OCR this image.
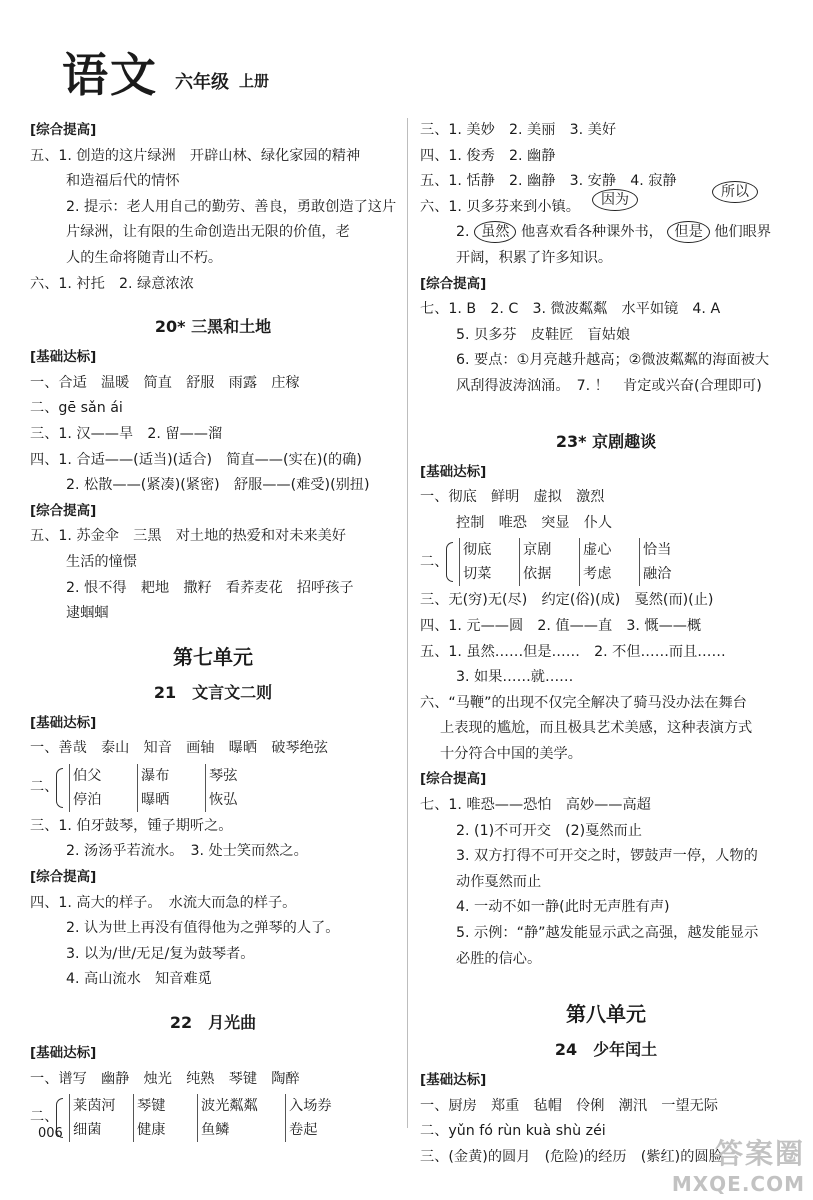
语文 六年级 上册
[综合提高]
五、1. 创造的这片绿洲　开辟山林、绿化家园的精神
和造福后代的情怀
2. 提示：老人用自己的勤劳、善良，勇敢创造了这片
片绿洲，让有限的生命创造出无限的价值，老
人的生命将随青山不朽。
六、1. 衬托　2. 绿意浓浓
20* 三黑和土地
[基础达标]
一、合适　温暖　简直　舒服　雨露　庄稼
二、gē sǎn ái
三、1. 汉——旱　2. 留——溜
四、1. 合适——(适当)(适合)　简直——(实在)(的确)
2. 松散——(紧凑)(紧密)　舒服——(难受)(别扭)
[综合提高]
五、1. 苏金伞　三黑　对土地的热爱和对未来美好
生活的憧憬
2. 恨不得　耙地　撒籽　看荞麦花　招呼孩子
逮蝈蝈
第七单元
21　文言文二则
[基础达标]
一、善哉　泰山　知音　画轴　曝晒　破琴绝弦
二、
伯父	瀑布	琴弦
停泊	曝晒	恢弘
三、1. 伯牙鼓琴，锺子期听之。
2. 汤汤乎若流水。　3. 处士笑而然之。
[综合提高]
四、1. 高大的样子。　水流大而急的样子。
2. 认为世上再没有值得他为之弹琴的人了。
3. 以为/世/无足/复为鼓琴者。
4. 高山流水　知音难觅
22　月光曲
[基础达标]
一、谱写　幽静　烛光　纯熟　琴键　陶醉
二、
莱茵河	琴键	波光粼粼	入场券
细菌	健康	鱼鳞	卷起
三、1. 美妙　2. 美丽　3. 美好
四、1. 俊秀　2. 幽静
五、1. 恬静　2. 幽静　3. 安静　4. 寂静
六、1. 贝多芬来到小镇。	因为	所以
2. 虽然 他喜欢看各种课外书， 但是 他们眼界
开阔，积累了许多知识。
[综合提高]
七、1. B　2. C　3. 微波粼粼　水平如镜　4. A
5. 贝多芬　皮鞋匠　盲姑娘
6. 要点：①月亮越升越高；②微波粼粼的海面被大
风刮得波涛汹涌。　7. ！　肯定或兴奋(合理即可)
23* 京剧趣谈
[基础达标]
一、彻底　鲜明　虚拟　激烈
控制　唯恐　突显　仆人
二、
彻底	京剧	虚心	恰当
切菜	依据	考虑	融洽
三、无(穷)无(尽)　约定(俗)(成)　戛然(而)(止)
四、1. 元——圆　2. 值——直　3. 慨——概
五、1. 虽然……但是……　2. 不但……而且……
3. 如果……就……
六、“马鞭”的出现不仅完全解决了骑马没办法在舞台
上表现的尴尬，而且极具艺术美感，这种表演方式
十分符合中国的美学。
[综合提高]
七、1. 唯恐——恐怕　高妙——高超
2. (1)不可开交　(2)戛然而止
3. 双方打得不可开交之时，锣鼓声一停，人物的
动作戛然而止
4. 一动不如一静(此时无声胜有声)
5. 示例：“静”越发能显示武之高强，越发能显示
必胜的信心。
第八单元
24　少年闰土
[基础达标]
一、厨房　郑重　毡帽　伶俐　潮汛　一望无际
二、yǔn fó rùn kuà shù zéi
三、(金黄)的圆月　(危险)的经历　(紫红)的圆脸
006
答案圈
MXQE.COM
